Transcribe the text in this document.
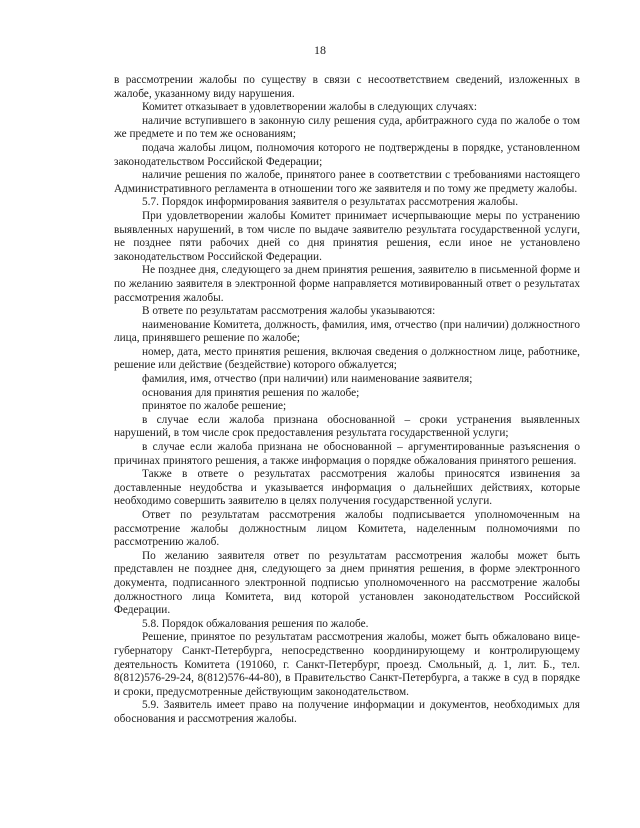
18

в рассмотрении жалобы по существу в связи с несоответствием сведений, изложенных в жалобе, указанному виду нарушения.

Комитет отказывает в удовлетворении жалобы в следующих случаях:

наличие вступившего в законную силу решения суда, арбитражного суда по жалобе о том же предмете и по тем же основаниям;

подача жалобы лицом, полномочия которого не подтверждены в порядке, установленном законодательством Российской Федерации;

наличие решения по жалобе, принятого ранее в соответствии с требованиями настоящего Административного регламента в отношении того же заявителя и по тому же предмету жалобы.

5.7. Порядок информирования заявителя о результатах рассмотрения жалобы.

При удовлетворении жалобы Комитет принимает исчерпывающие меры по устранению выявленных нарушений, в том числе по выдаче заявителю результата государственной услуги, не позднее пяти рабочих дней со дня принятия решения, если иное не установлено законодательством Российской Федерации.

Не позднее дня, следующего за днем принятия решения, заявителю в письменной форме и по желанию заявителя в электронной форме направляется мотивированный ответ о результатах рассмотрения жалобы.

В ответе по результатам рассмотрения жалобы указываются:

наименование Комитета, должность, фамилия, имя, отчество (при наличии) должностного лица, принявшего решение по жалобе;

номер, дата, место принятия решения, включая сведения о должностном лице, работнике, решение или действие (бездействие) которого обжалуется;

фамилия, имя, отчество (при наличии) или наименование заявителя;

основания для принятия решения по жалобе;

принятое по жалобе решение;

в случае если жалоба признана обоснованной – сроки устранения выявленных нарушений, в том числе срок предоставления результата государственной услуги;

в случае если жалоба признана не обоснованной – аргументированные разъяснения о причинах принятого решения, а также информация о порядке обжалования принятого решения.

Также в ответе о результатах рассмотрения жалобы приносятся извинения за доставленные неудобства и указывается информация о дальнейших действиях, которые необходимо совершить заявителю в целях получения государственной услуги.

Ответ по результатам рассмотрения жалобы подписывается уполномоченным на рассмотрение жалобы должностным лицом Комитета, наделенным полномочиями по рассмотрению жалоб.

По желанию заявителя ответ по результатам рассмотрения жалобы может быть представлен не позднее дня, следующего за днем принятия решения, в форме электронного документа, подписанного электронной подписью уполномоченного на рассмотрение жалобы должностного лица Комитета, вид которой установлен законодательством Российской Федерации.

5.8. Порядок обжалования решения по жалобе.

Решение, принятое по результатам рассмотрения жалобы, может быть обжаловано вице-губернатору Санкт-Петербурга, непосредственно координирующему и контролирующему деятельность Комитета (191060, г. Санкт-Петербург, проезд. Смольный, д. 1, лит. Б., тел. 8(812)576-29-24, 8(812)576-44-80), в Правительство Санкт-Петербурга, а также в суд в порядке и сроки, предусмотренные действующим законодательством.

5.9. Заявитель имеет право на получение информации и документов, необходимых для обоснования и рассмотрения жалобы.
